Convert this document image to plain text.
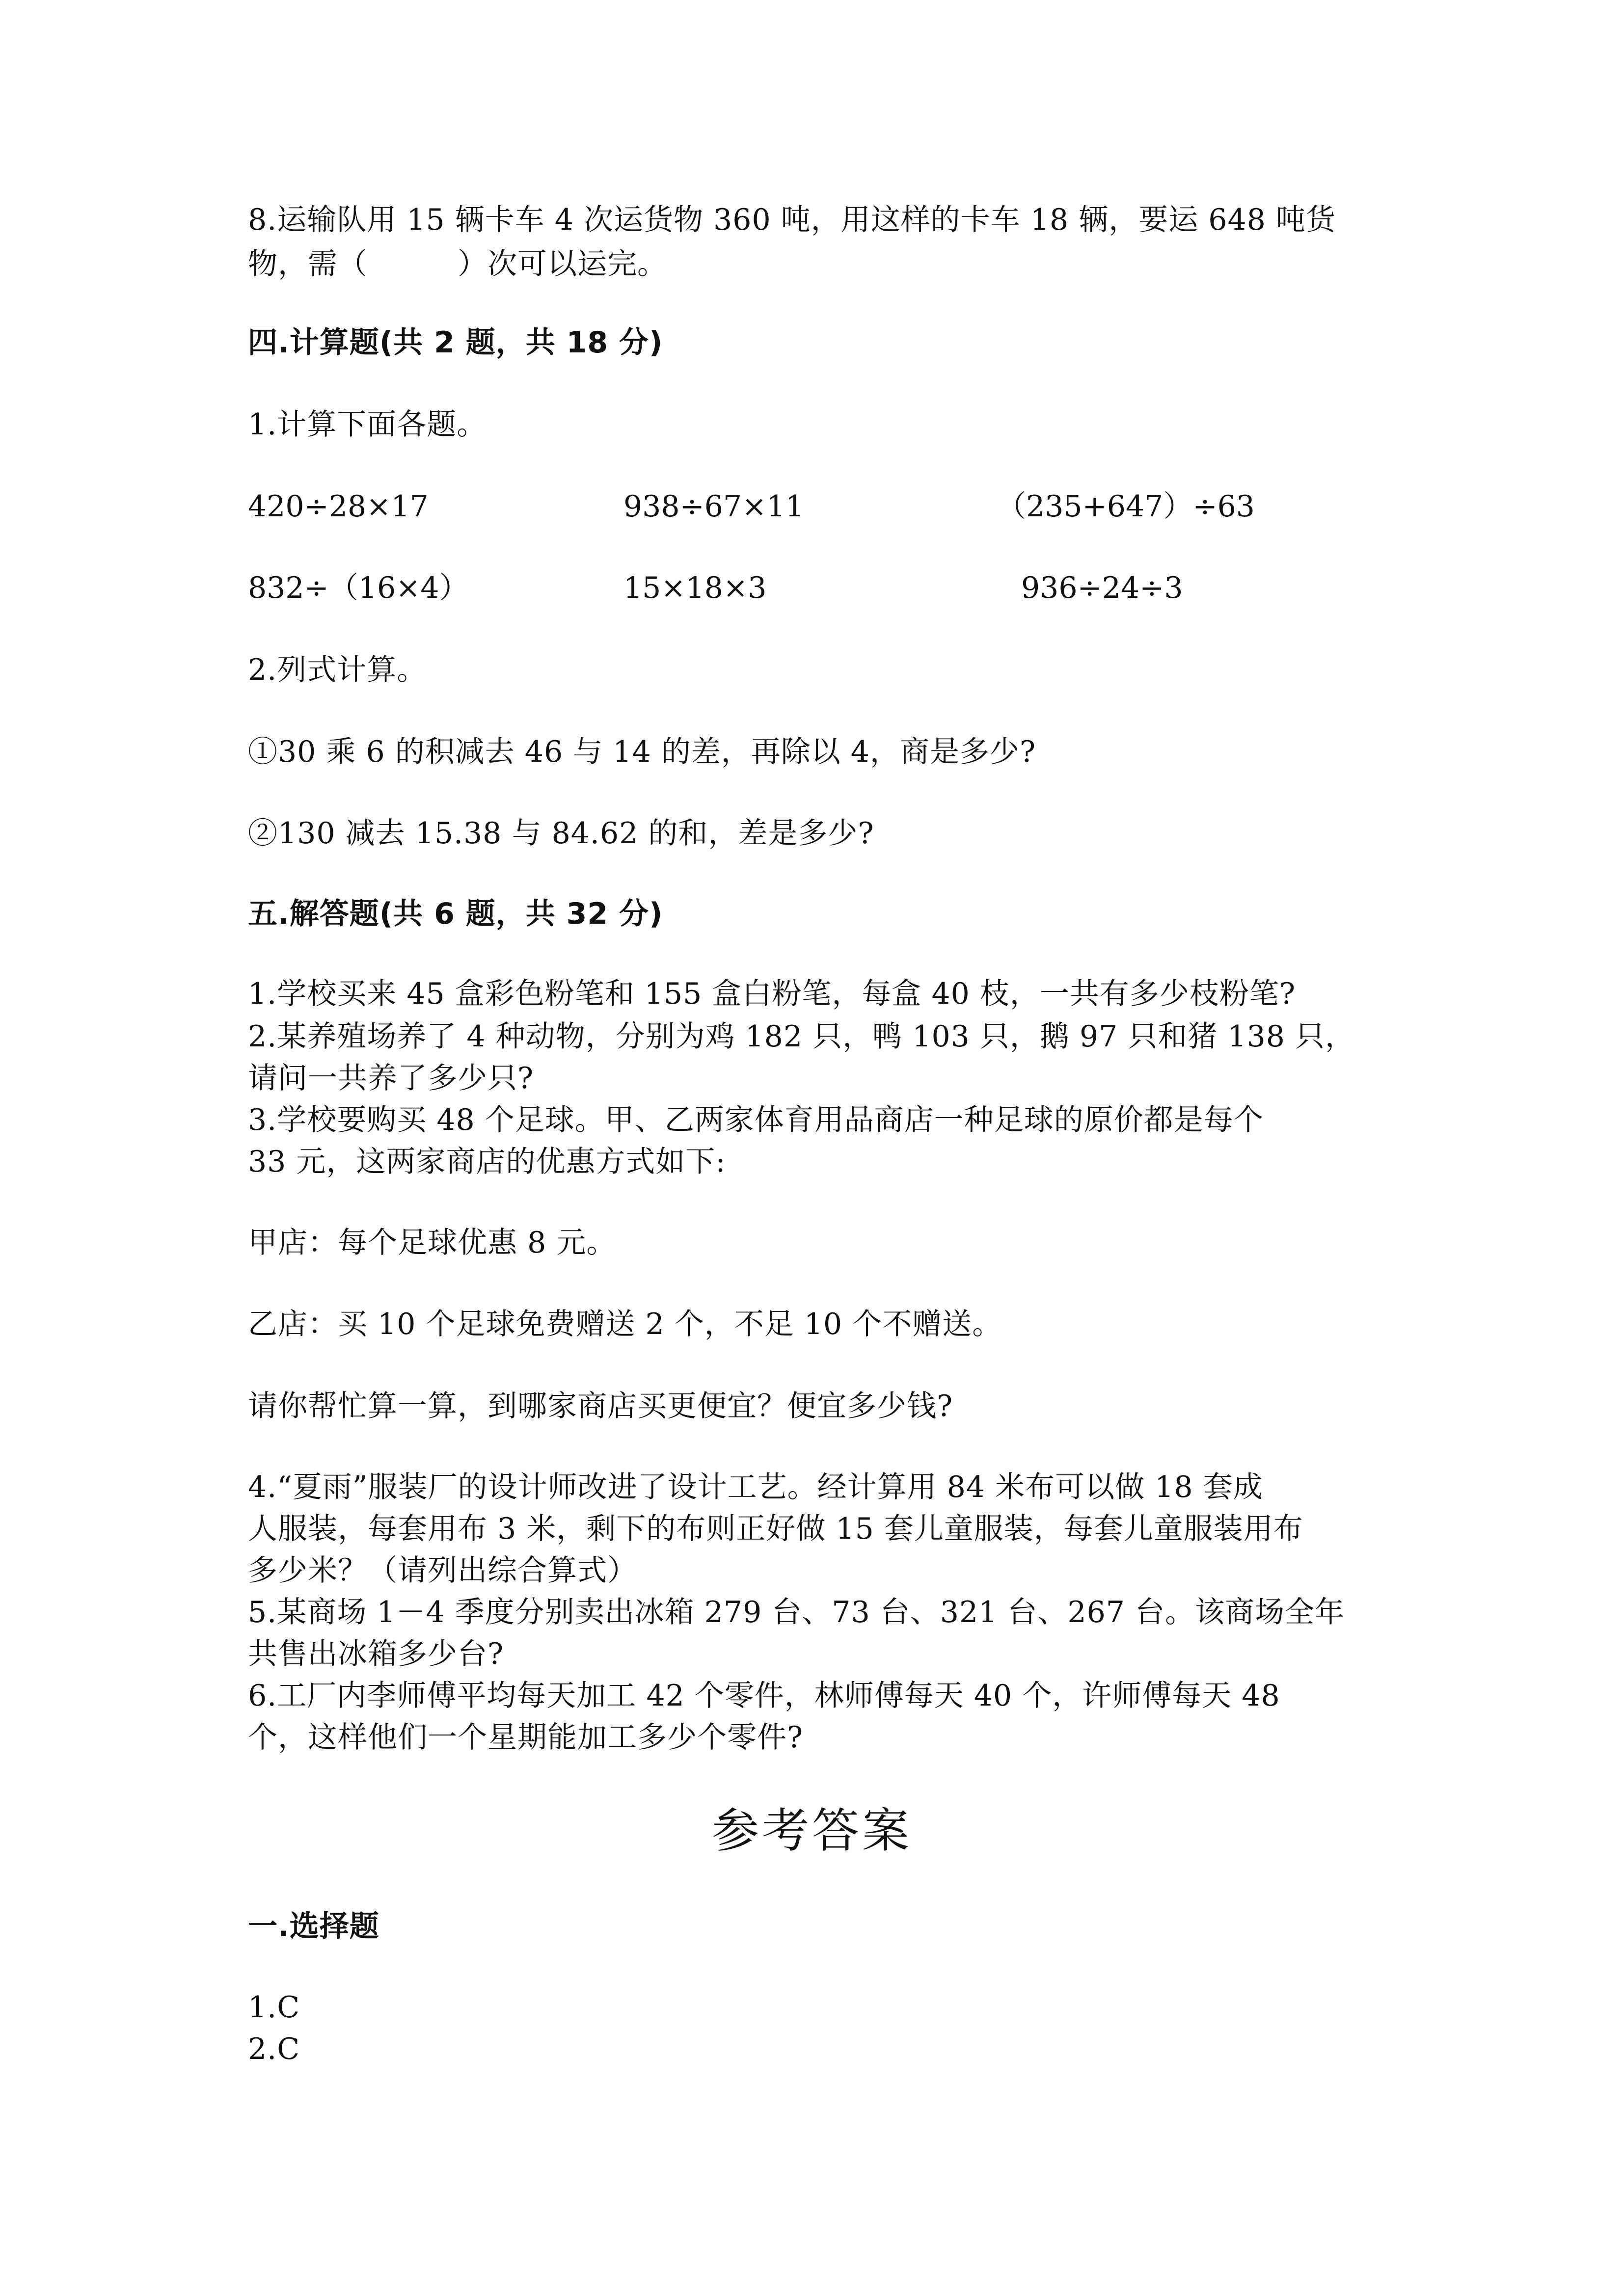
8.运输队用 15 辆卡车 4 次运货物 360 吨，用这样的卡车 18 辆，要运 648 吨货
物，需（　　　）次可以运完。
四.计算题(共 2 题，共 18 分)
1.计算下面各题。
420÷28×17	938÷67×11	（235+647）÷63
832÷（16×4）	15×18×3	936÷24÷3
2.列式计算。
①30 乘 6 的积减去 46 与 14 的差，再除以 4，商是多少?
②130 减去 15.38 与 84.62 的和，差是多少?
五.解答题(共 6 题，共 32 分)
1.学校买来 45 盒彩色粉笔和 155 盒白粉笔，每盒 40 枝，一共有多少枝粉笔?
2.某养殖场养了 4 种动物，分别为鸡 182 只，鸭 103 只，鹅 97 只和猪 138 只，
请问一共养了多少只?
3.学校要购买 48 个足球。甲、乙两家体育用品商店一种足球的原价都是每个
33 元，这两家商店的优惠方式如下:
甲店：每个足球优惠 8 元。
乙店：买 10 个足球免费赠送 2 个，不足 10 个不赠送。
请你帮忙算一算，到哪家商店买更便宜？便宜多少钱?
4.“夏雨”服装厂的设计师改进了设计工艺。经计算用 84 米布可以做 18 套成
人服装，每套用布 3 米，剩下的布则正好做 15 套儿童服装，每套儿童服装用布
多少米？（请列出综合算式）
5.某商场 1－4 季度分别卖出冰箱 279 台、73 台、321 台、267 台。该商场全年
共售出冰箱多少台?
6.工厂内李师傅平均每天加工 42 个零件，林师傅每天 40 个，许师傅每天 48
个，这样他们一个星期能加工多少个零件?
参考答案
一.选择题
1.C
2.C
